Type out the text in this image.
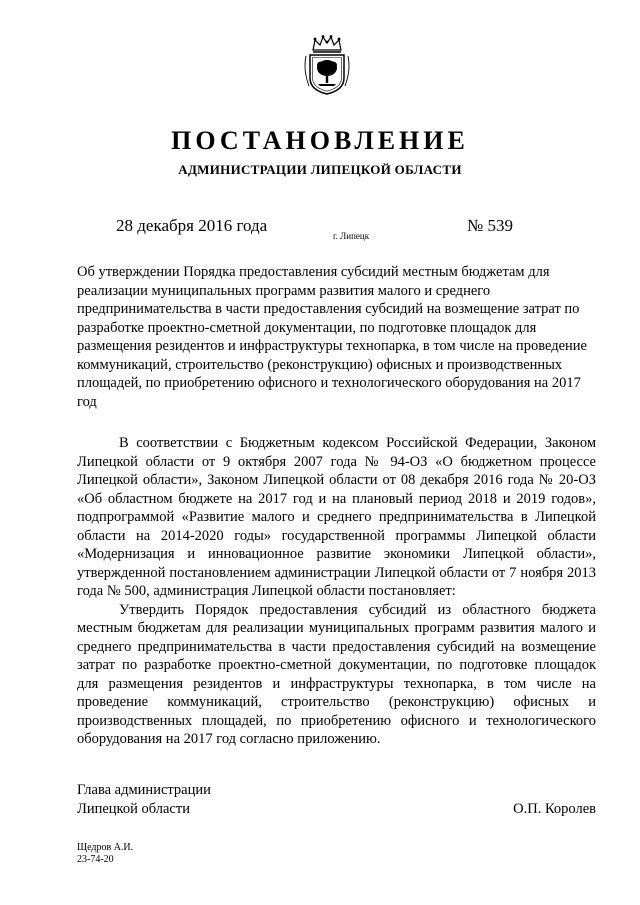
ПОСТАНОВЛЕНИЕ
АДМИНИСТРАЦИИ ЛИПЕЦКОЙ ОБЛАСТИ
28 декабря 2016 года
г. Липецк
№ 539
Об утверждении Порядка предоставления субсидий местным бюджетам для реализации муниципальных программ развития малого и среднего предпринимательства в части предоставления субсидий на возмещение затрат по разработке проектно-сметной документации, по подготовке площадок для размещения резидентов и инфраструктуры технопарка, в том числе на проведение коммуникаций, строительство (реконструкцию) офисных и производственных площадей, по приобретению офисного и технологического оборудования на 2017 год

В соответствии с Бюджетным кодексом Российской Федерации, Законом Липецкой области от 9 октября 2007 года № 94-ОЗ «О бюджетном процессе Липецкой области», Законом Липецкой области от 08 декабря 2016 года № 20-ОЗ «Об областном бюджете на 2017 год и на плановый период 2018 и 2019 годов», подпрограммой «Развитие малого и среднего предпринимательства в Липецкой области на 2014-2020 годы» государственной программы Липецкой области «Модернизация и инновационное развитие экономики Липецкой области», утвержденной постановлением администрации Липецкой области от 7 ноября 2013 года № 500, администрация Липецкой области постановляет:

Утвердить Порядок предоставления субсидий из областного бюджета местным бюджетам для реализации муниципальных программ развития малого и среднего предпринимательства в части предоставления субсидий на возмещение затрат по разработке проектно-сметной документации, по подготовке площадок для размещения резидентов и инфраструктуры технопарка, в том числе на проведение коммуникаций, строительство (реконструкцию) офисных и производственных площадей, по приобретению офисного и технологического оборудования на 2017 год согласно приложению.

Глава администрации
Липецкой области	О.П. Королев
Щедров А.И.
23-74-20
